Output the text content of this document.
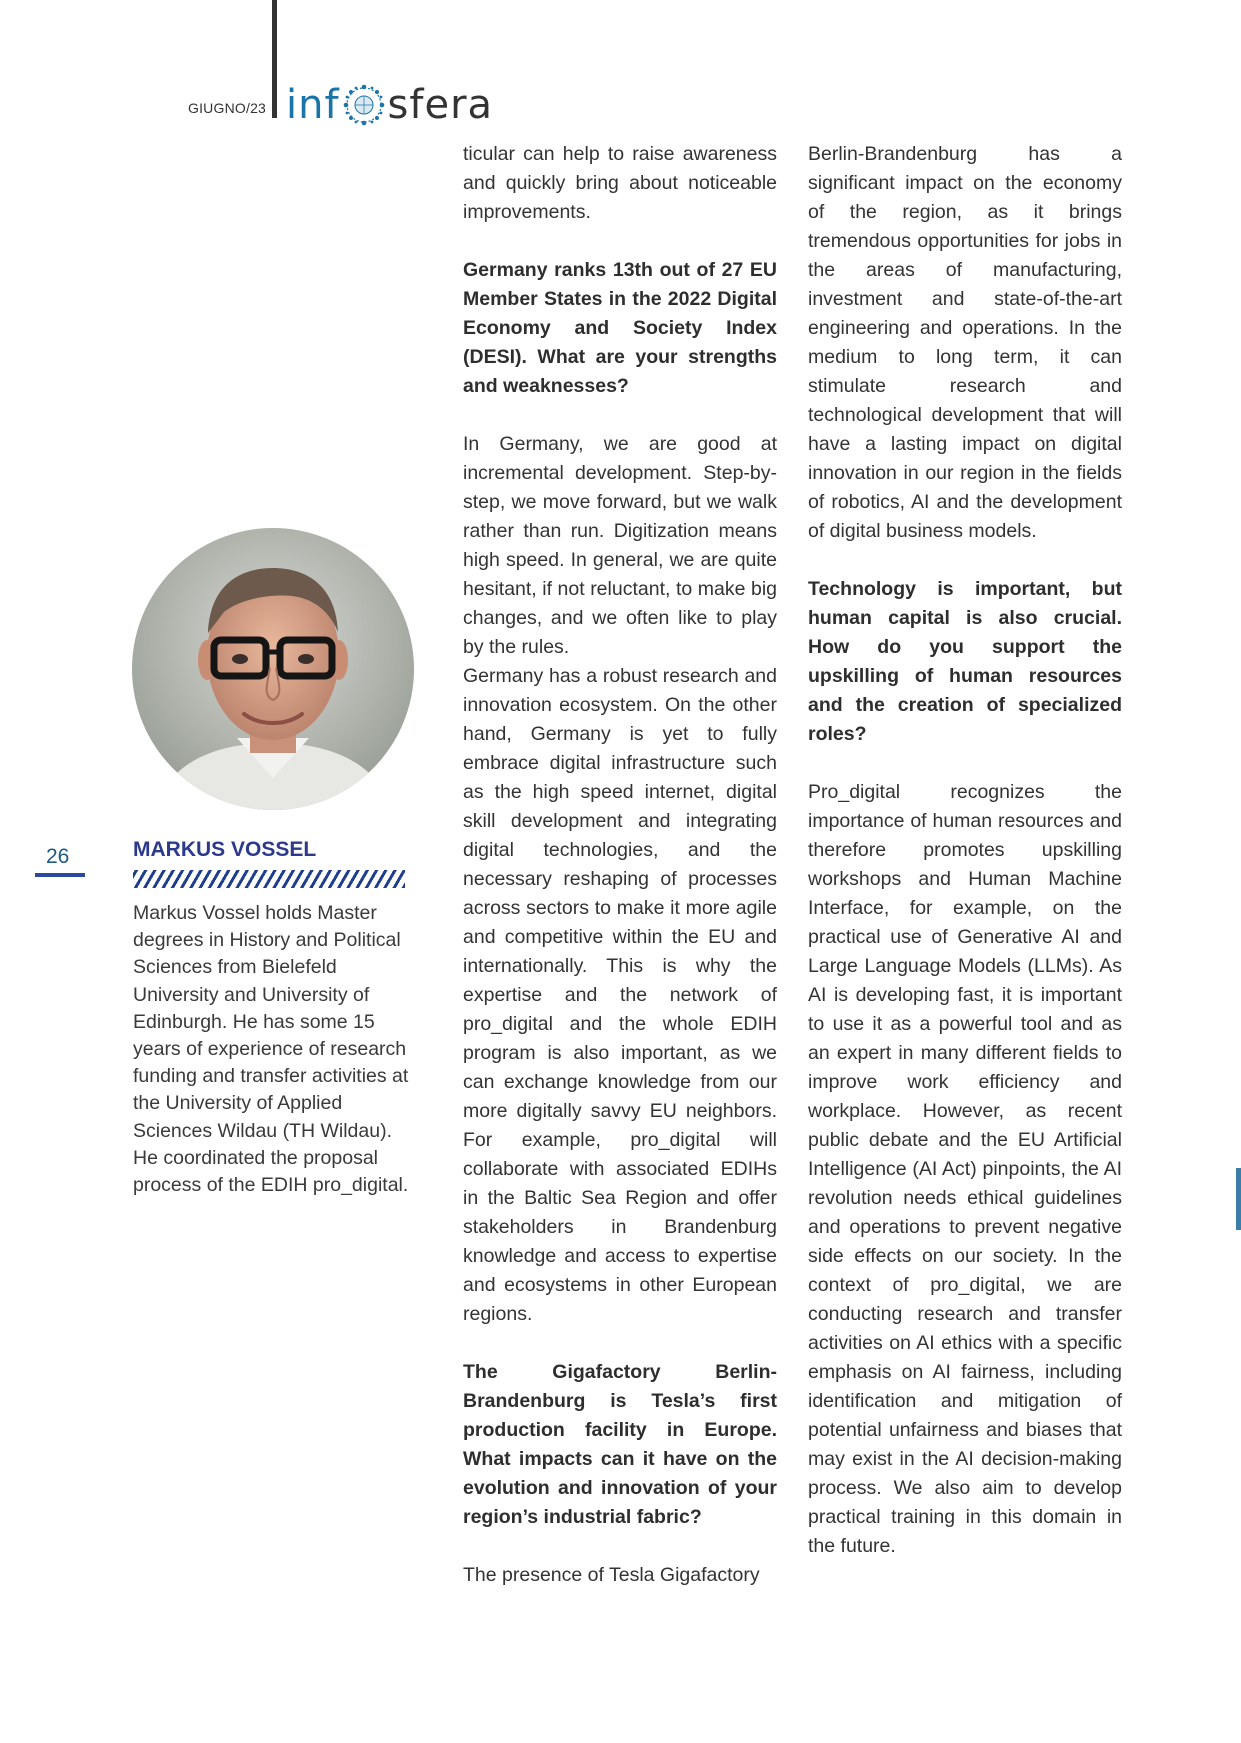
GIUGNO/23 inf sfera
26	MARKUS VOSSEL
Markus Vossel holds Master degrees in History and Political Sciences from Bielefeld University and University of Edinburgh. He has some 15 years of experience of research funding and transfer activities at the University of Applied Sciences Wildau (TH Wildau). He coordinated the proposal process of the EDIH pro_digital.

ticular can help to raise awareness and quickly bring about noticeable improvements.

Germany ranks 13th out of 27 EU Member States in the 2022 Digital Economy and Society Index (DESI). What are your strengths and weaknesses?

In Germany, we are good at incremental development. Step-by-step, we move forward, but we walk rather than run. Digitization means high speed. In general, we are quite hesitant, if not reluctant, to make big changes, and we often like to play by the rules.

Germany has a robust research and innovation ecosystem. On the other hand, Germany is yet to fully embrace digital infrastructure such as the high speed internet, digital skill development and integrating digital technologies, and the necessary reshaping of processes across sectors to make it more agile and competitive within the EU and internationally. This is why the expertise and the network of pro_digital and the whole EDIH program is also important, as we can exchange knowledge from our more digitally savvy EU neighbors. For example, pro_digital will collaborate with associated EDIHs in the Baltic Sea Region and offer stakeholders in Brandenburg knowledge and access to expertise and ecosystems in other European regions.

The Gigafactory Berlin-Brandenburg is Tesla’s first production facility in Europe. What impacts can it have on the evolution and innovation of your region’s industrial fabric?

The presence of Tesla Gigafactory

Berlin-Brandenburg has a significant impact on the economy of the region, as it brings tremendous opportunities for jobs in the areas of manufacturing, investment and state-of-the-art engineering and operations. In the medium to long term, it can stimulate research and technological development that will have a lasting impact on digital innovation in our region in the fields of robotics, AI and the development of digital business models.

Technology is important, but human capital is also crucial. How do you support the upskilling of human resources and the creation of specialized roles?

Pro_digital recognizes the importance of human resources and therefore promotes upskilling workshops and Human Machine Interface, for example, on the practical use of Generative AI and Large Language Models (LLMs). As AI is developing fast, it is important to use it as a powerful tool and as an expert in many different fields to improve work efficiency and workplace. However, as recent public debate and the EU Artificial Intelligence (AI Act) pinpoints, the AI revolution needs ethical guidelines and operations to prevent negative side effects on our society. In the context of pro_digital, we are conducting research and transfer activities on AI ethics with a specific emphasis on AI fairness, including identification and mitigation of potential unfairness and biases that may exist in the AI decision-making process. We also aim to develop practical training in this domain in the future.
